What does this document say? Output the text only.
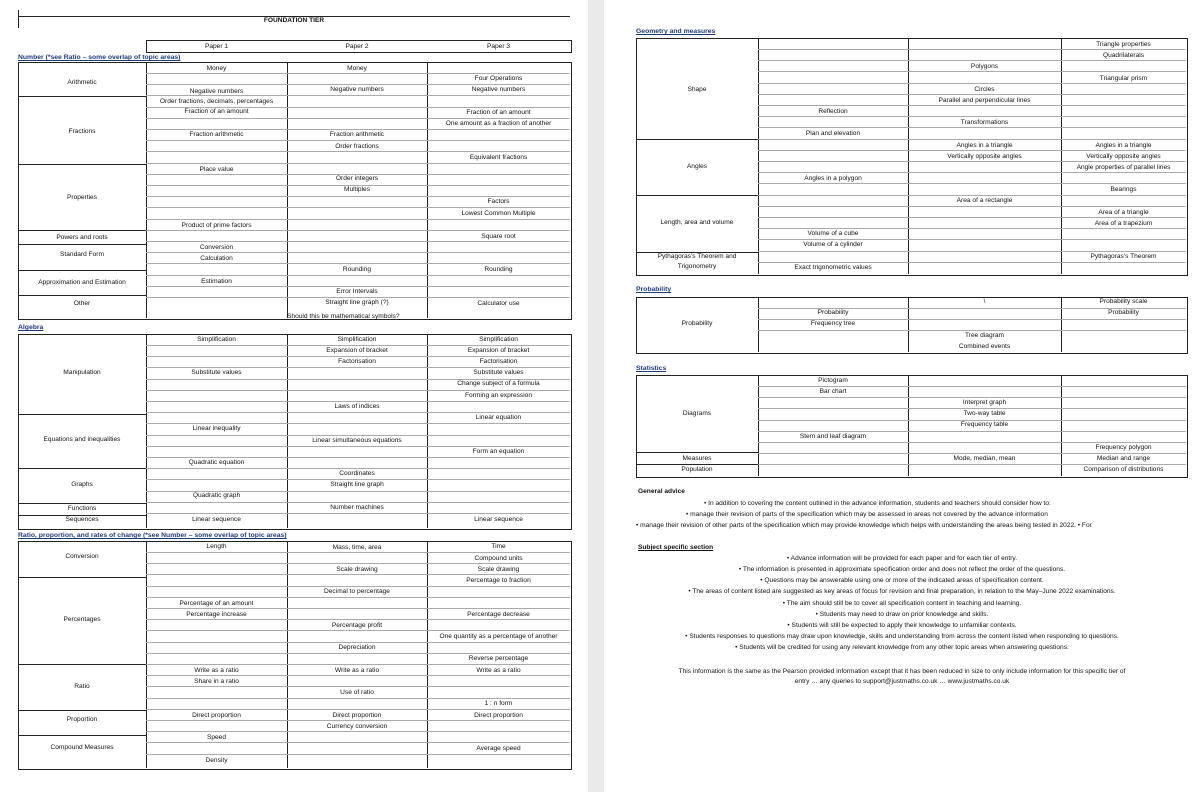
FOUNDATION TIER
Paper 1	Paper 2	Paper 3
Number (*see Ratio – some overlap of topic areas)
Arithmetic
Fractions
Properties
Powers and roots
Standard Form
Approximation and Estimation
Other
Money
Negative numbers
Order fractions, decimals, percentages
Fraction of an amount
Fraction arithmetic
Place value
Product of prime factors
Conversion
Calculation
Estimation
Money
Negative numbers
Fraction arithmetic
Order fractions
Order integers
Multiples
Rounding
Error Intervals
Straight line graph (?)
Four Operations
Negative numbers
Fraction of an amount
One amount as a fraction of another
Equivalent fractions
Factors
Lowest Common Multiple
Square root
Rounding
Calculator use
Should this be mathematical symbols?
Algebra
Manipulation
Equations and inequalities
Graphs
Functions
Sequences
Simplification
Substitute values
Linear inequality
Quadratic equation
Quadratic graph
Linear sequence
Simplification
Expansion of bracket
Factorisation
Laws of indices
Linear simultaneous equations
Coordinates
Straight line graph
Number machines
Simplification
Expansion of bracket
Factorisation
Substitute values
Change subject of a formula
Forming an expression
Linear equation
Form an equation
Linear sequence
Ratio, proportion, and rates of change (*see Number – some overlap of topic areas)
Conversion
Percentages
Ratio
Proportion
Compound Measures
Length
Percentage of an amount
Percentage increase
Write as a ratio
Share in a ratio
Direct proportion
Speed
Density
Mass, time, area
Scale drawing
Decimal to percentage
Percentage profit
Depreciation
Write as a ratio
Use of ratio
Direct proportion
Currency conversion
Time
Compound units
Scale drawing
Percentage to fraction
Percentage decrease
One quantity as a percentage of another
Reverse percentage
Write as a ratio
1 : n form
Direct proportion
Average speed
Geometry and measures
Shape
Angles
Length, area and volume
Pythagoras's Theorem and
Trigonometry
Reflection
Plan and elevation
Angles in a polygon
Volume of a cube
Volume of a cylinder
Exact trigonometric values
Polygons
Circles
Parallel and perpendicular lines
Transformations
Angles in a triangle
Vertically opposite angles
Area of a rectangle
Triangle properties
Quadrilaterals
Triangular prism
Angles in a triangle
Vertically opposite angles
Angle properties of parallel lines
Bearings
Area of a triangle
Area of a trapezium
Pythagoras's Theorem
Probability
Probability
Probability
Frequency tree
\
Tree diagram
Combined events
Probability scale
Probability
Statistics
Diagrams
Measures
Population
Pictogram
Bar chart
Stem and leaf diagram
Interpret graph
Two-way table
Frequency table
Mode, median, mean
Frequency polygon
Median and range
Comparison of distributions
General advice
• In addition to covering the content outlined in the advance information, students and teachers should consider how to:
• manage their revision of parts of the specification which may be assessed in areas not covered by the advance information
• manage their revision of other parts of the specification which may provide knowledge which helps with understanding the areas being tested in 2022. • For
Subject specific section
• Advance information will be provided for each paper and for each tier of entry.
• The information is presented in approximate specification order and does not reflect the order of the questions.
• Questions may be answerable using one or more of the indicated areas of specification content.
• The areas of content listed are suggested as key areas of focus for revision and final preparation, in relation to the May–June 2022 examinations.
• The aim should still be to cover all specification content in teaching and learning.
• Students may need to draw on prior knowledge and skills.
• Students will still be expected to apply their knowledge to unfamiliar contexts.
• Students responses to questions may draw upon knowledge, skills and understanding from across the content listed when responding to questions.
• Students will be credited for using any relevant knowledge from any other topic areas when answering questions.
This information is the same as the Pearson provided information except that it has been reduced in size to only include information for this specific tier of
entry … any queries to support@justmaths.co.uk … www.justmaths.co.uk
